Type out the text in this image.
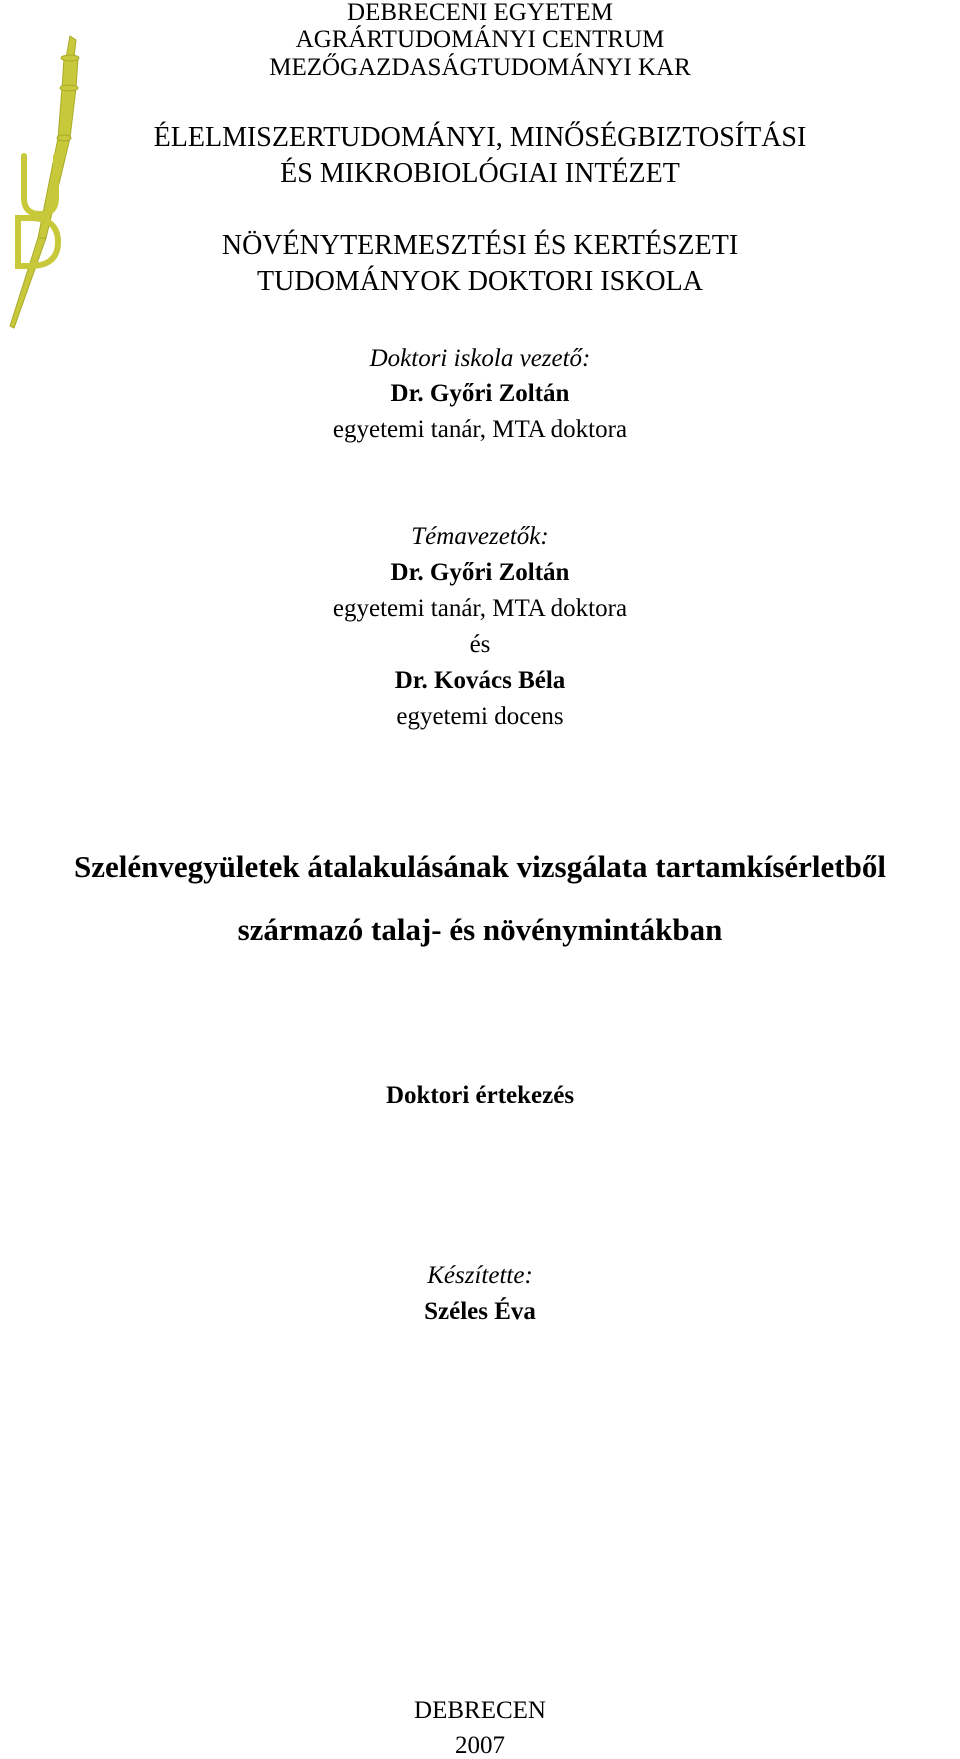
DEBRECENI EGYETEM
AGRÁRTUDOMÁNYI CENTRUM
MEZŐGAZDASÁGTUDOMÁNYI KAR
ÉLELMISZERTUDOMÁNYI, MINŐSÉGBIZTOSÍTÁSI
ÉS MIKROBIOLÓGIAI INTÉZET
NÖVÉNYTERMESZTÉSI ÉS KERTÉSZETI
TUDOMÁNYOK DOKTORI ISKOLA
Doktori iskola vezető:
Dr. Győri Zoltán
egyetemi tanár, MTA doktora
Témavezetők:
Dr. Győri Zoltán
egyetemi tanár, MTA doktora
és
Dr. Kovács Béla
egyetemi docens
Szelénvegyületek átalakulásának vizsgálata tartamkísérletből
származó talaj- és növénymintákban
Doktori értekezés
Készítette:
Széles Éva
DEBRECEN
2007
